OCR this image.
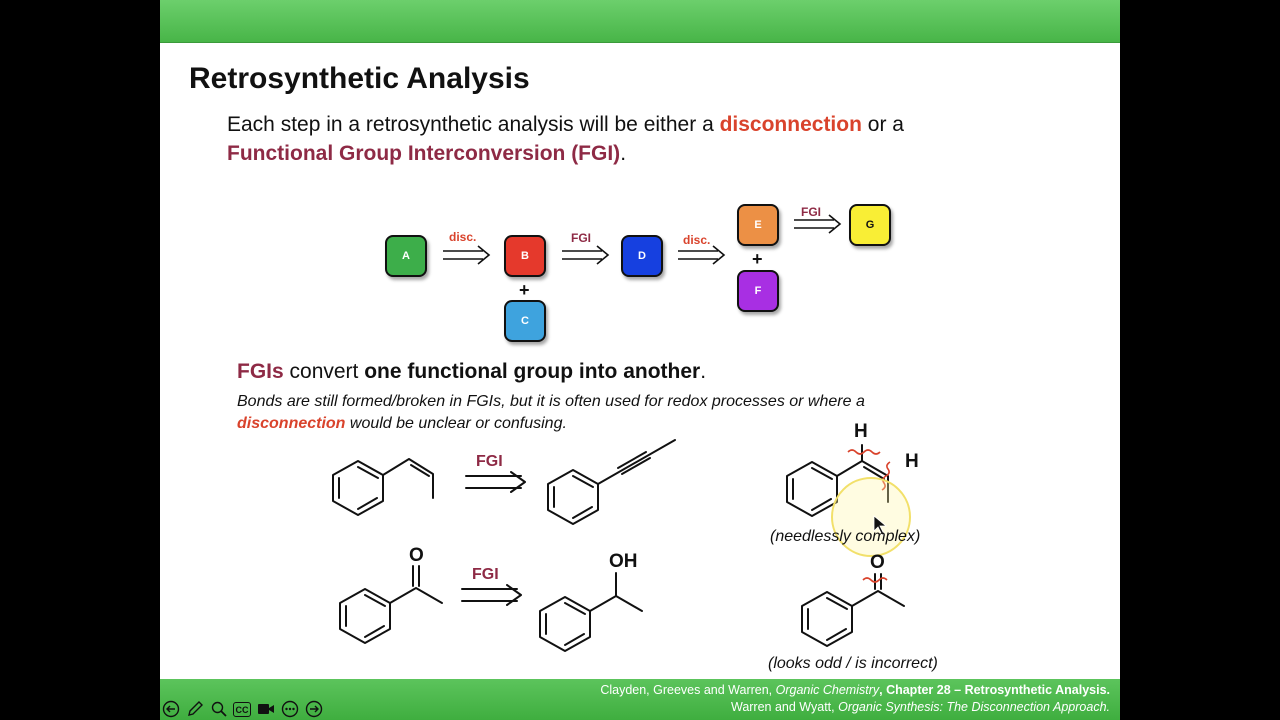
Retrosynthetic Analysis
Each step in a retrosynthetic analysis will be either a disconnection or a
Functional Group Interconversion (FGI).
A	B
C
D
E
F
G
+
+
disc.	FGI	disc.
FGI
FGIs convert one functional group into another.
Bonds are still formed/broken in FGIs, but it is often used for redox processes or where a
disconnection would be unclear or confusing.
FGI
FGI
O	OH
H
H
O
(needlessly complex)
(looks odd / is incorrect)
Clayden, Greeves and Warren, Organic Chemistry, Chapter 28 – Retrosynthetic Analysis.
Warren and Wyatt, Organic Synthesis: The Disconnection Approach.
CC
